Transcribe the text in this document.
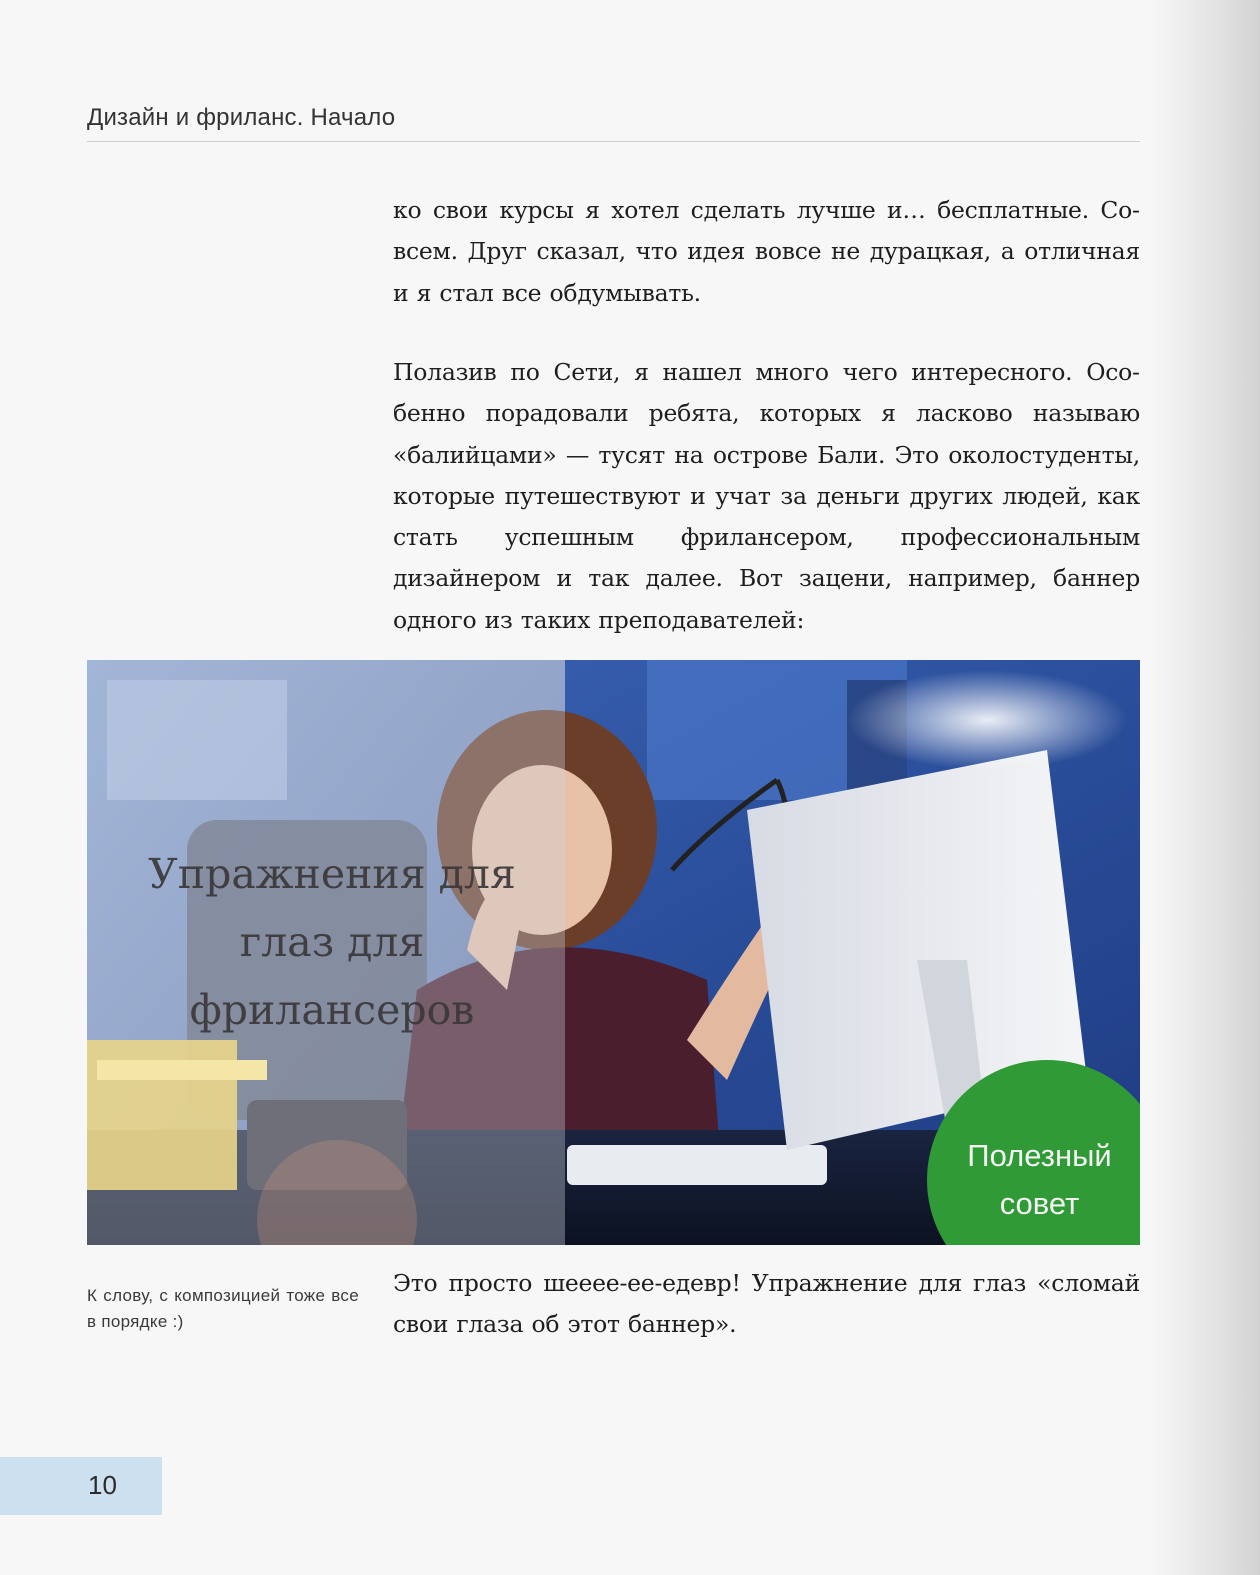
Дизайн и фриланс. Начало

ко свои курсы я хотел сделать лучше и… бесплатные. Совсем. Друг сказал, что идея вовсе не дурацкая, а отличная и я стал все обдумывать.

Полазив по Сети, я нашел много чего интересного. Особенно порадовали ребята, которых я ласково называю «балийцами» — тусят на острове Бали. Это околостуденты, которые путешествуют и учат за деньги других людей, как стать успешным фрилансером, профессиональным дизайнером и так далее. Вот зацени, например, баннер одного из таких преподавателей:

Упражнения для глаз для фрилансеров

Полезный совет

К слову, с композицией тоже все в порядке :)

Это просто шееее-ее-едевр! Упражнение для глаз «сломай свои глаза об этот баннер».

10
